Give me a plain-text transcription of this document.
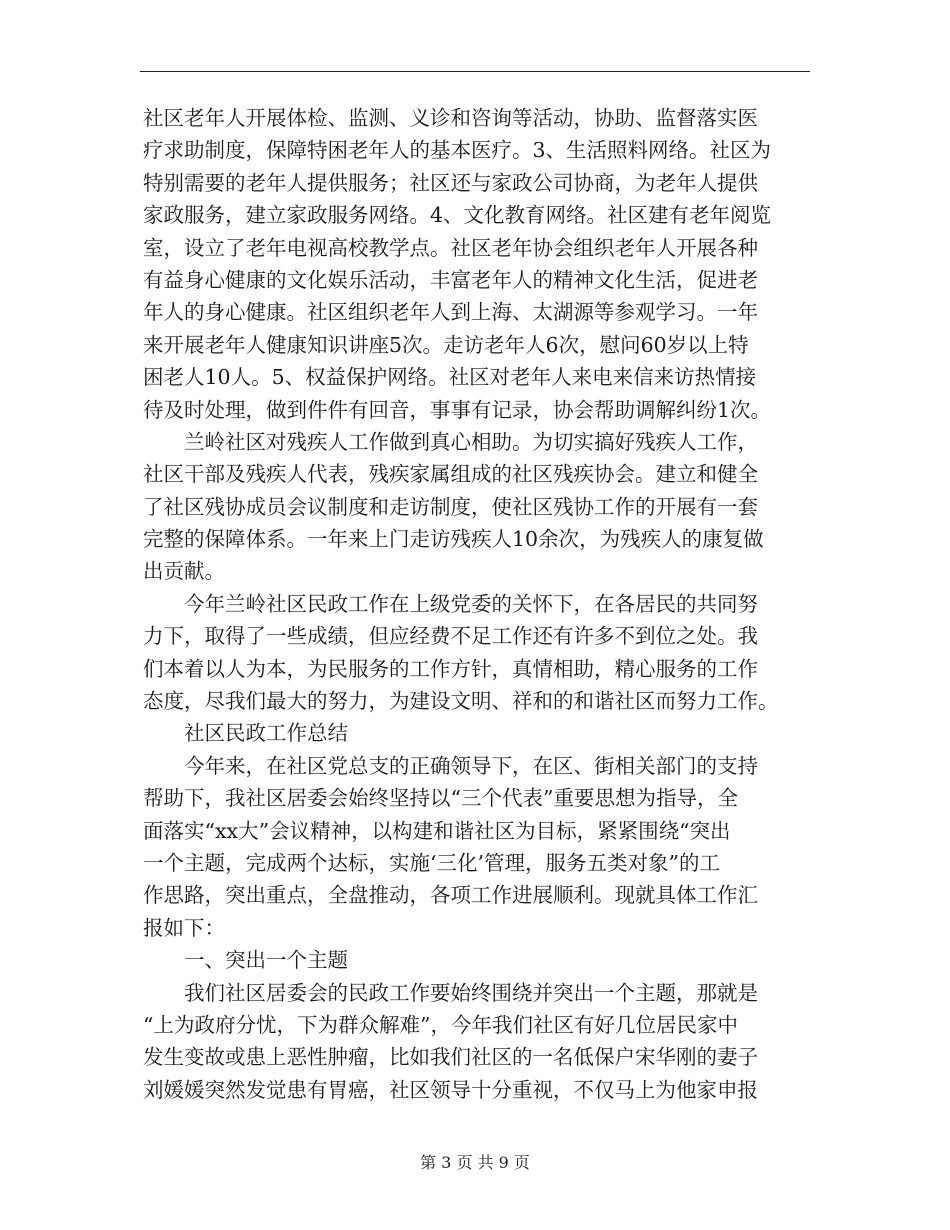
社区老年人开展体检、监测、义诊和咨询等活动，协助、监督落实医
疗求助制度，保障特困老年人的基本医疗。3、生活照料网络。社区为
特别需要的老年人提供服务；社区还与家政公司协商，为老年人提供
家政服务，建立家政服务网络。4、文化教育网络。社区建有老年阅览
室，设立了老年电视高校教学点。社区老年协会组织老年人开展各种
有益身心健康的文化娱乐活动，丰富老年人的精神文化生活，促进老
年人的身心健康。社区组织老年人到上海、太湖源等参观学习。一年
来开展老年人健康知识讲座5次。走访老年人6次，慰问60岁以上特
困老人10人。5、权益保护网络。社区对老年人来电来信来访热情接
待及时处理，做到件件有回音，事事有记录，协会帮助调解纠纷1次。
兰岭社区对残疾人工作做到真心相助。为切实搞好残疾人工作，
社区干部及残疾人代表，残疾家属组成的社区残疾协会。建立和健全
了社区残协成员会议制度和走访制度，使社区残协工作的开展有一套
完整的保障体系。一年来上门走访残疾人10余次，为残疾人的康复做
出贡献。
今年兰岭社区民政工作在上级党委的关怀下，在各居民的共同努
力下，取得了一些成绩，但应经费不足工作还有许多不到位之处。我
们本着以人为本，为民服务的工作方针，真情相助，精心服务的工作
态度，尽我们最大的努力，为建设文明、祥和的和谐社区而努力工作。
社区民政工作总结
今年来，在社区党总支的正确领导下，在区、街相关部门的支持
帮助下，我社区居委会始终坚持以“三个代表”重要思想为指导，全
面落实“xx大”会议精神，以构建和谐社区为目标，紧紧围绕“突出
一个主题，完成两个达标，实施‘三化’管理，服务五类对象”的工
作思路，突出重点，全盘推动，各项工作进展顺利。现就具体工作汇
报如下：
一、突出一个主题
我们社区居委会的民政工作要始终围绕并突出一个主题，那就是
“上为政府分忧，下为群众解难”，今年我们社区有好几位居民家中
发生变故或患上恶性肿瘤，比如我们社区的一名低保户宋华刚的妻子
刘媛媛突然发觉患有胃癌，社区领导十分重视，不仅马上为他家申报
第 3 页 共 9 页
